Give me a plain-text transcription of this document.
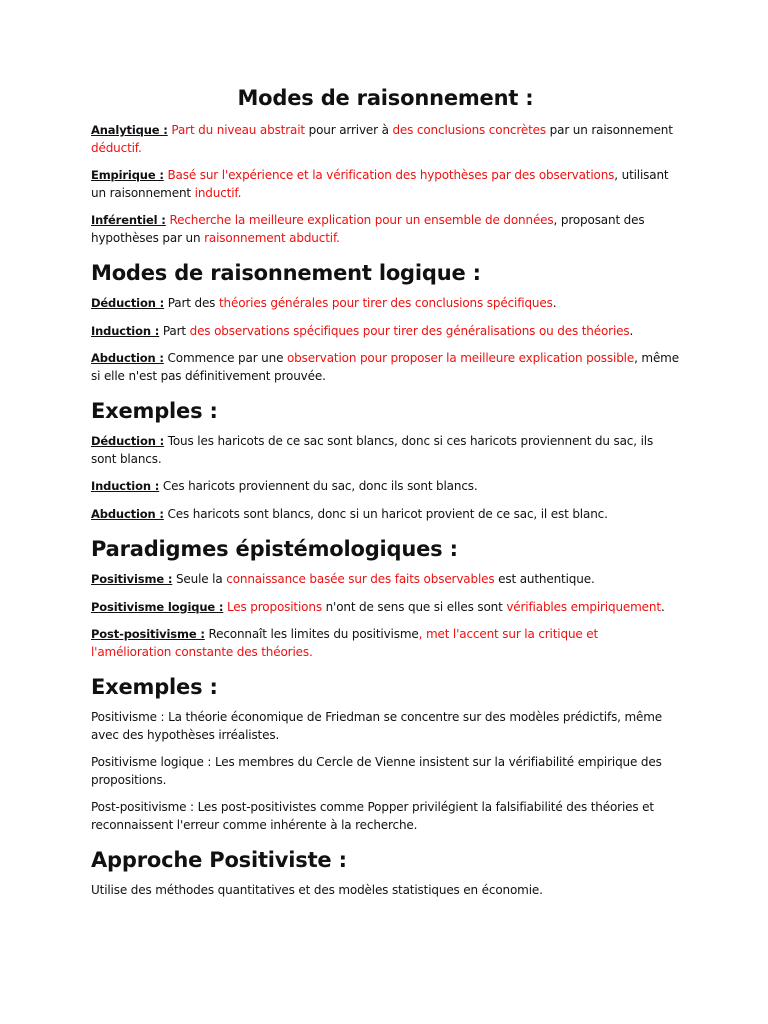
Modes de raisonnement :

Analytique : Part du niveau abstrait pour arriver à des conclusions concrètes par un raisonnement déductif.

Empirique : Basé sur l'expérience et la vérification des hypothèses par des observations, utilisant un raisonnement inductif.

Inférentiel : Recherche la meilleure explication pour un ensemble de données, proposant des hypothèses par un raisonnement abductif.

Modes de raisonnement logique :

Déduction : Part des théories générales pour tirer des conclusions spécifiques.

Induction : Part des observations spécifiques pour tirer des généralisations ou des théories.

Abduction : Commence par une observation pour proposer la meilleure explication possible, même si elle n'est pas définitivement prouvée.

Exemples :

Déduction : Tous les haricots de ce sac sont blancs, donc si ces haricots proviennent du sac, ils sont blancs.

Induction : Ces haricots proviennent du sac, donc ils sont blancs.

Abduction : Ces haricots sont blancs, donc si un haricot provient de ce sac, il est blanc.

Paradigmes épistémologiques :

Positivisme : Seule la connaissance basée sur des faits observables est authentique.

Positivisme logique : Les propositions n'ont de sens que si elles sont vérifiables empiriquement.

Post-positivisme : Reconnaît les limites du positivisme, met l'accent sur la critique et l'amélioration constante des théories.

Exemples :

Positivisme : La théorie économique de Friedman se concentre sur des modèles prédictifs, même avec des hypothèses irréalistes.

Positivisme logique : Les membres du Cercle de Vienne insistent sur la vérifiabilité empirique des propositions.

Post-positivisme : Les post-positivistes comme Popper privilégient la falsifiabilité des théories et reconnaissent l'erreur comme inhérente à la recherche.

Approche Positiviste :

Utilise des méthodes quantitatives et des modèles statistiques en économie.
